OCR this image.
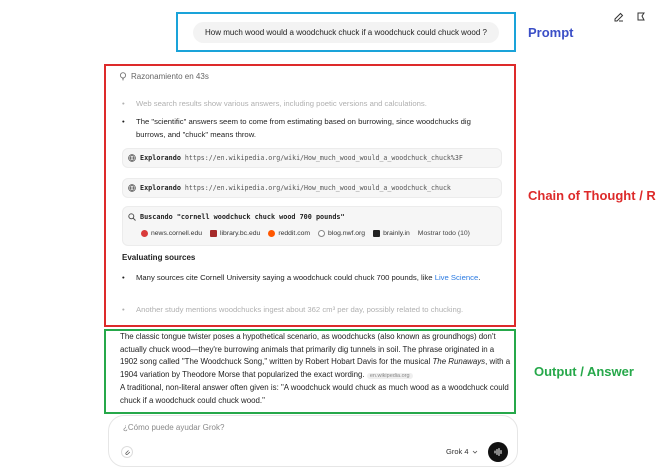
How much wood would a woodchuck chuck if a woodchuck could chuck wood ?	Prompt
Chain of Thought / R
Razonamiento en 43s
• Web search results show various answers, including poetic versions and calculations.
• The "scientific" answers seem to come from estimating based on burrowing, since woodchucks dig burrows, and "chuck" means throw.
Explorando https://en.wikipedia.org/wiki/How_much_wood_would_a_woodchuck_chuck%3F
Explorando https://en.wikipedia.org/wiki/How_much_wood_would_a_woodchuck_chuck
Buscando "cornell woodchuck chuck wood 700 pounds"
news.cornell.edu	library.bc.edu	reddit.com	blog.nwf.org	brainly.in Mostrar todo (10)
Evaluating sources
• Many sources cite Cornell University saying a woodchuck could chuck 700 pounds, like Live Science.
• Another study mentions woodchucks ingest about 362 cm³ per day, possibly related to chucking.
Output / Answer
The classic tongue twister poses a hypothetical scenario, as woodchucks (also known as groundhogs) don't actually chuck wood—they're burrowing animals that primarily dig tunnels in soil. The phrase originated in a 1902 song called "The Woodchuck Song," written by Robert Hobart Davis for the musical The Runaways, with a 1904 variation by Theodore Morse that popularized the exact wording. en.wikipedia.org
A traditional, non-literal answer often given is: "A woodchuck would chuck as much wood as a woodchuck could chuck if a woodchuck could chuck wood."
¿Cómo puede ayudar Grok?
Grok 4
